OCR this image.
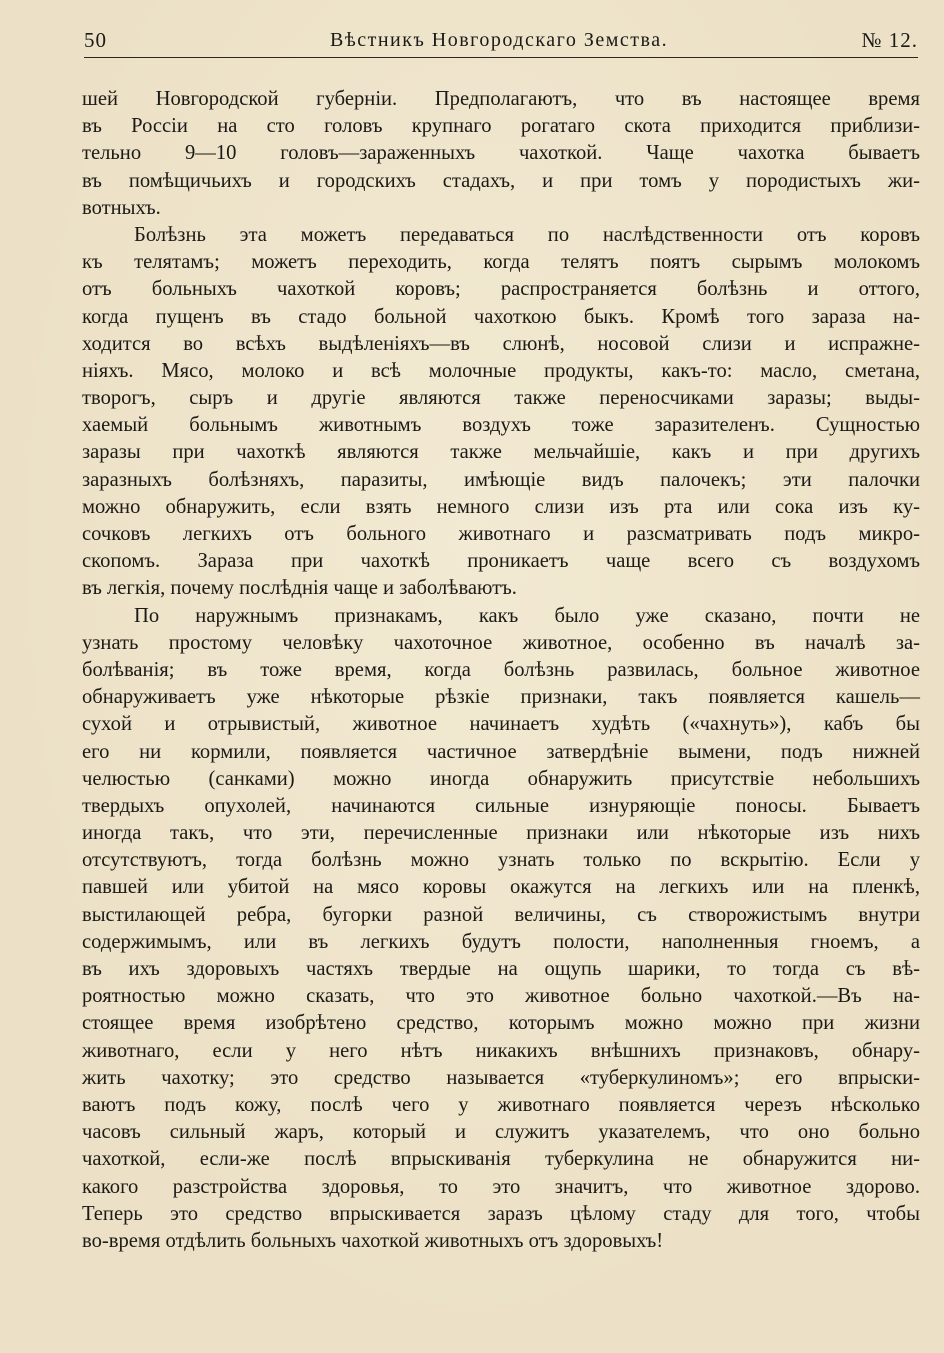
50	Вѣстникъ Новгородскаго Земства.	№ 12.
шей Новгородской губерніи. Предполагаютъ, что въ настоящее время
въ Россіи на сто головъ крупнаго рогатаго скота приходится приблизи-
тельно 9—10 головъ—зараженныхъ чахоткой. Чаще чахотка бываетъ
въ помѣщичьихъ и городскихъ стадахъ, и при томъ у породистыхъ жи-
вотныхъ.
Болѣзнь эта можетъ передаваться по наслѣдственности отъ коровъ
къ телятамъ; можетъ переходить, когда телятъ поятъ сырымъ молокомъ
отъ больныхъ чахоткой коровъ; распространяется болѣзнь и оттого,
когда пущенъ въ стадо больной чахоткою быкъ. Кромѣ того зараза на-
ходится во всѣхъ выдѣленіяхъ—въ слюнѣ, носовой слизи и испражне-
ніяхъ. Мясо, молоко и всѣ молочные продукты, какъ-то: масло, сметана,
творогъ, сыръ и другіе являются также переносчиками заразы; выды-
хаемый больнымъ животнымъ воздухъ тоже заразителенъ. Сущностью
заразы при чахоткѣ являются также мельчайшіе, какъ и при другихъ
заразныхъ болѣзняхъ, паразиты, имѣющіе видъ палочекъ; эти палочки
можно обнаружить, если взять немного слизи изъ рта или сока изъ ку-
сочковъ легкихъ отъ больного животнаго и разсматривать подъ микро-
скопомъ. Зараза при чахоткѣ проникаетъ чаще всего съ воздухомъ
въ легкія, почему послѣднія чаще и заболѣваютъ.
По наружнымъ признакамъ, какъ было уже сказано, почти не
узнать простому человѣку чахоточное животное, особенно въ началѣ за-
болѣванія; въ тоже время, когда болѣзнь развилась, больное животное
обнаруживаетъ уже нѣкоторые рѣзкіе признаки, такъ появляется кашель—
сухой и отрывистый, животное начинаетъ худѣть («чахнуть»), кабъ бы
его ни кормили, появляется частичное затвердѣніе вымени, подъ нижней
челюстью (санками) можно иногда обнаружить присутствіе небольшихъ
твердыхъ опухолей, начинаются сильные изнуряющіе поносы. Бываетъ
иногда такъ, что эти, перечисленные признаки или нѣкоторые изъ нихъ
отсутствуютъ, тогда болѣзнь можно узнать только по вскрытію. Если у
павшей или убитой на мясо коровы окажутся на легкихъ или на пленкѣ,
выстилающей ребра, бугорки разной величины, съ створожистымъ внутри
содержимымъ, или въ легкихъ будутъ полости, наполненныя гноемъ, а
въ ихъ здоровыхъ частяхъ твердые на ощупь шарики, то тогда съ вѣ-
роятностью можно сказать, что это животное больно чахоткой.—Въ на-
стоящее время изобрѣтено средство, которымъ можно можно при жизни
животнаго, если у него нѣтъ никакихъ внѣшнихъ признаковъ, обнару-
жить чахотку; это средство называется «туберкулиномъ»; его впрыски-
ваютъ подъ кожу, послѣ чего у животнаго появляется черезъ нѣсколько
часовъ сильный жаръ, который и служитъ указателемъ, что оно больно
чахоткой, если-же послѣ впрыскиванія туберкулина не обнаружится ни-
какого разстройства здоровья, то это значитъ, что животное здорово.
Теперь это средство впрыскивается заразъ цѣлому стаду для того, чтобы
во-время отдѣлить больныхъ чахоткой животныхъ отъ здоровыхъ!
